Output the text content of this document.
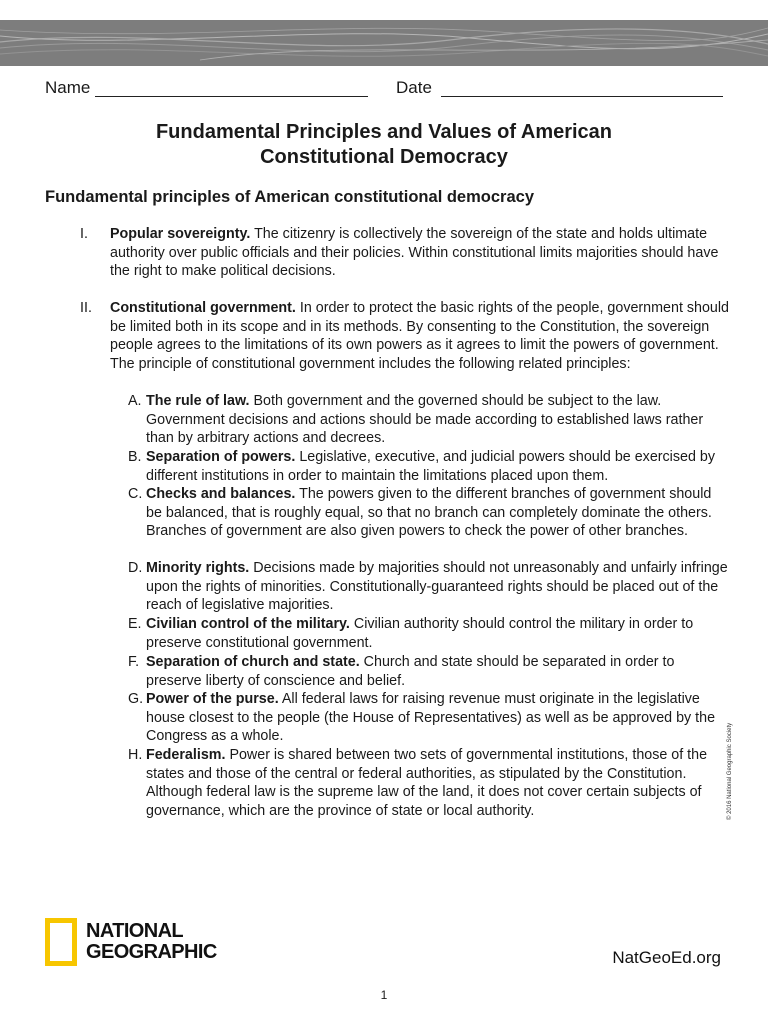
Name	Date
Fundamental Principles and Values of American
Constitutional Democracy
Fundamental principles of American constitutional democracy
I.	Popular sovereignty. The citizenry is collectively the sovereign of the state and holds ultimate authority over public officials and their policies. Within constitutional limits majorities should have the right to make political decisions.
II.	Constitutional government. In order to protect the basic rights of the people, government should be limited both in its scope and in its methods. By consenting to the Constitution, the sovereign people agrees to the limitations of its own powers as it agrees to limit the powers of government. The principle of constitutional government includes the following related principles:
A. The rule of law. Both government and the governed should be subject to the law. Government decisions and actions should be made according to established laws rather than by arbitrary actions and decrees.
B. Separation of powers. Legislative, executive, and judicial powers should be exercised by different institutions in order to maintain the limitations placed upon them.
C. Checks and balances. The powers given to the different branches of government should be balanced, that is roughly equal, so that no branch can completely dominate the others. Branches of government are also given powers to check the power of other branches.
D. Minority rights. Decisions made by majorities should not unreasonably and unfairly infringe upon the rights of minorities. Constitutionally-guaranteed rights should be placed out of the reach of legislative majorities.
E. Civilian control of the military. Civilian authority should control the military in order to preserve constitutional government.
F. Separation of church and state. Church and state should be separated in order to preserve liberty of conscience and belief.
G. Power of the purse. All federal laws for raising revenue must originate in the legislative house closest to the people (the House of Representatives) as well as be approved by the Congress as a whole.
H. Federalism. Power is shared between two sets of governmental institutions, those of the states and those of the central or federal authorities, as stipulated by the Constitution. Although federal law is the supreme law of the land, it does not cover certain subjects of governance, which are the province of state or local authority.	© 2016 National Geographic Society
NATIONAL
GEOGRAPHIC	NatGeoEd.org
1
